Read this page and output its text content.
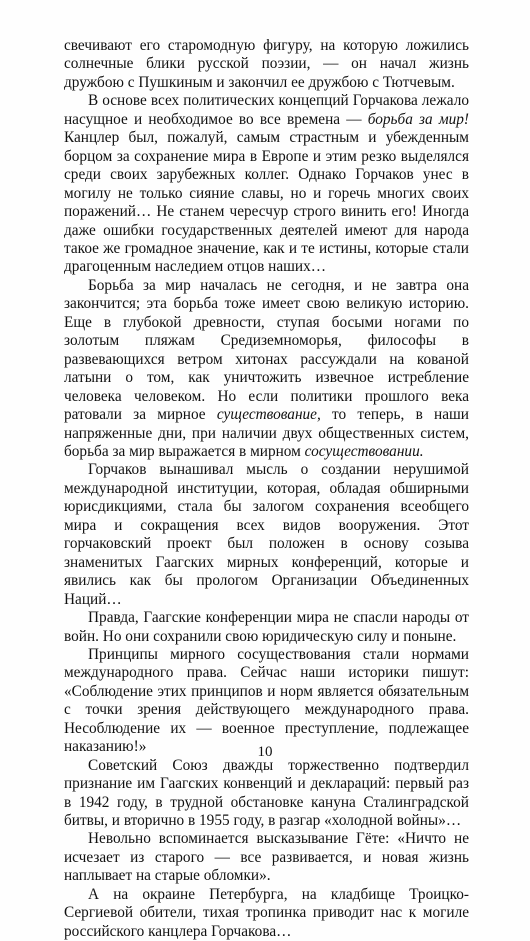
свечивают его старомодную фигуру, на которую ложились солнечные блики русской поэзии, — он начал жизнь дружбою с Пушкиным и закончил ее дружбою с Тютчевым.

В основе всех политических концепций Горчакова лежало насущное и необходимое во все времена — борьба за мир! Канцлер был, пожалуй, самым страстным и убежденным борцом за сохранение мира в Европе и этим резко выделялся среди своих зарубежных коллег. Однако Горчаков унес в могилу не только сияние славы, но и горечь многих своих поражений… Не станем чересчур строго винить его! Иногда даже ошибки государственных деятелей имеют для народа такое же громадное значение, как и те истины, которые стали драгоценным наследием отцов наших…

Борьба за мир началась не сегодня, и не завтра она закончится; эта борьба тоже имеет свою великую историю. Еще в глубокой древности, ступая босыми ногами по золотым пляжам Средиземноморья, философы в развевающихся ветром хитонах рассуждали на кованой латыни о том, как уничтожить извечное истребление человека человеком. Но если политики прошлого века ратовали за мирное существование, то теперь, в наши напряженные дни, при наличии двух общественных систем, борьба за мир выражается в мирном сосуществовании.

Горчаков вынашивал мысль о создании нерушимой международной институции, которая, обладая обширными юрисдикциями, стала бы залогом сохранения всеобщего мира и сокращения всех видов вооружения. Этот горчаковский проект был положен в основу созыва знаменитых Гаагских мирных конференций, которые и явились как бы прологом Организации Объединенных Наций…

Правда, Гаагские конференции мира не спасли народы от войн. Но они сохранили свою юридическую силу и поныне.

Принципы мирного сосуществования стали нормами международного права. Сейчас наши историки пишут: «Соблюдение этих принципов и норм является обязательным с точки зрения действующего международного права. Несоблюдение их — военное преступление, подлежащее наказанию!»

Советский Союз дважды торжественно подтвердил признание им Гаагских конвенций и деклараций: первый раз в 1942 году, в трудной обстановке кануна Сталинградской битвы, и вторично в 1955 году, в разгар «холодной войны»…

Невольно вспоминается высказывание Гёте: «Ничто не исчезает из старого — все развивается, и новая жизнь наплывает на старые обломки».

А на окраине Петербурга, на кладбище Троицко-Сергиевой обители, тихая тропинка приводит нас к могиле российского канцлера Горчакова…

10
